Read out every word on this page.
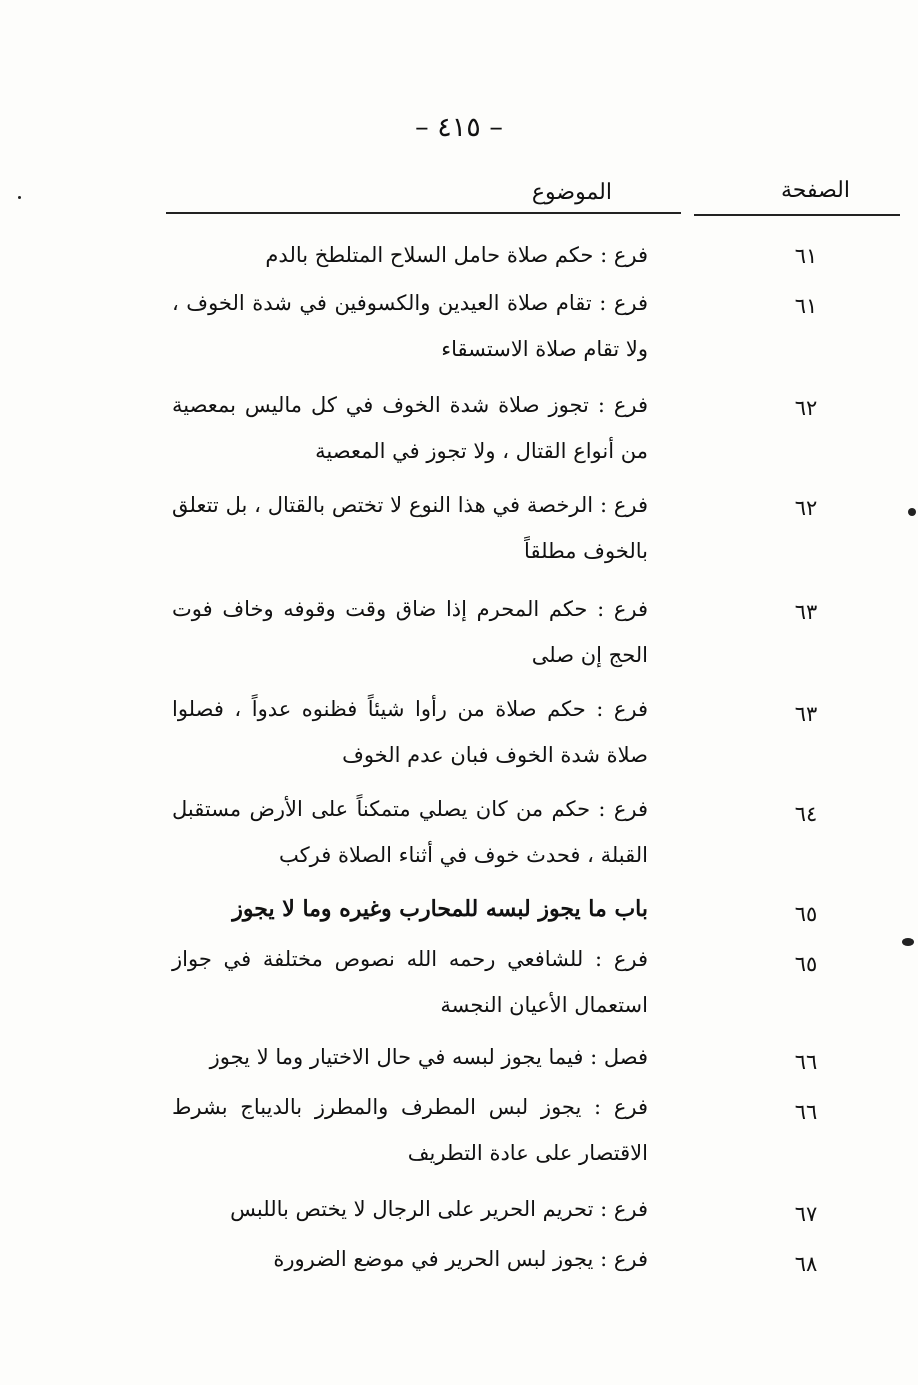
– ٤١٥ –
الصفحة
الموضوع
٦١
فرع : حكم صلاة حامل السلاح المتلطخ بالدم
٦١
فرع : تقام صلاة العيدين والكسوفين في شدة الخوف ، ولا تقام صلاة الاستسقاء
٦٢
فرع : تجوز صلاة شدة الخوف في كل ماليس بمعصية من أنواع القتال ، ولا تجوز في المعصية
٦٢
فرع : الرخصة في هذا النوع لا تختص بالقتال ، بل تتعلق بالخوف مطلقاً
٦٣
فرع : حكم المحرم إذا ضاق وقت وقوفه وخاف فوت الحج إن صلى
٦٣
فرع : حكم صلاة من رأوا شيئاً فظنوه عدواً ، فصلوا صلاة شدة الخوف فبان عدم الخوف
٦٤
فرع : حكم من كان يصلي متمكناً على الأرض مستقبل القبلة ، فحدث خوف في أثناء الصلاة فركب
٦٥
باب ما يجوز لبسه للمحارب وغيره وما لا يجوز
٦٥
فرع : للشافعي رحمه الله نصوص مختلفة في جواز استعمال الأعيان النجسة
٦٦
فصل : فيما يجوز لبسه في حال الاختيار وما لا يجوز
٦٦
فرع : يجوز لبس المطرف والمطرز بالديباج بشرط الاقتصار على عادة التطريف
٦٧
فرع : تحريم الحرير على الرجال لا يختص باللبس
٦٨
فرع : يجوز لبس الحرير في موضع الضرورة
